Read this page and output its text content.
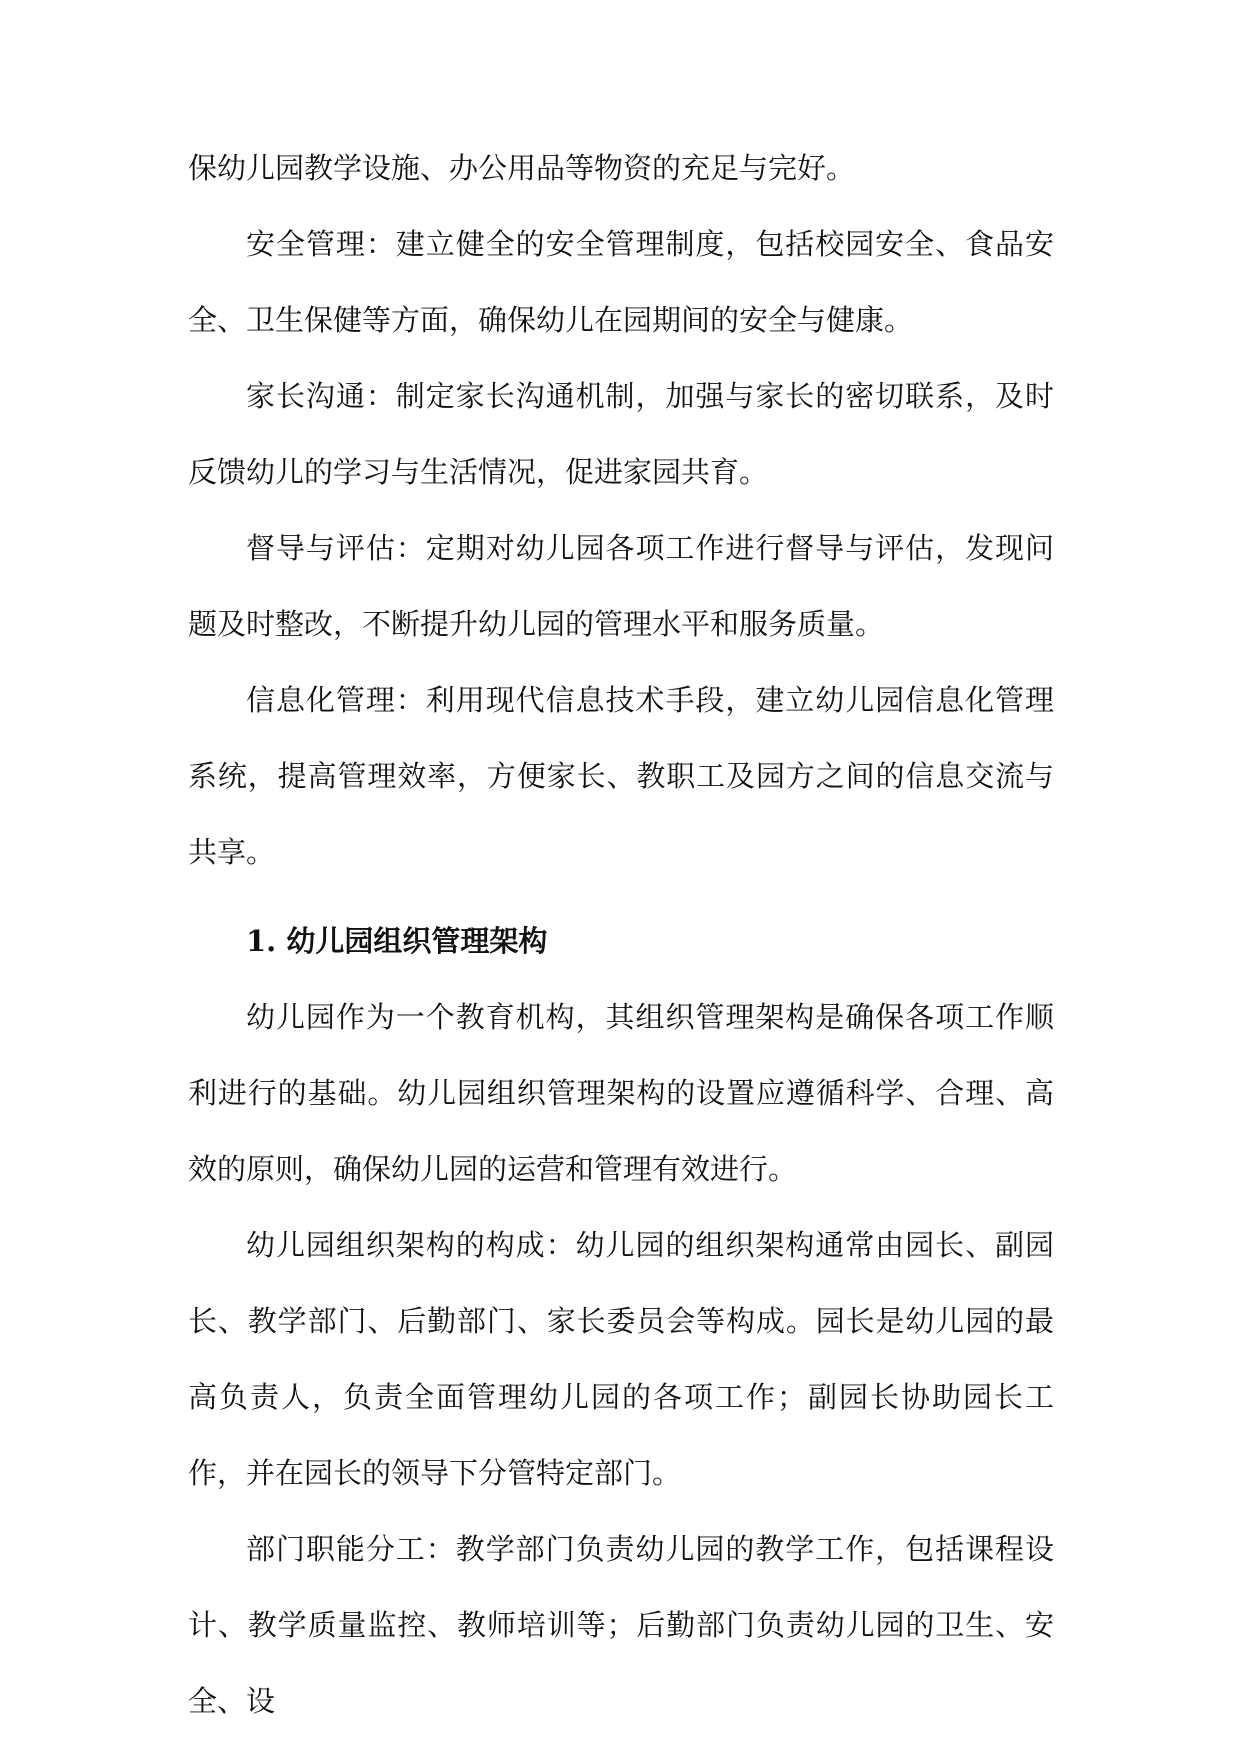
保幼儿园教学设施、办公用品等物资的充足与完好。

安全管理：建立健全的安全管理制度，包括校园安全、食品安全、卫生保健等方面，确保幼儿在园期间的安全与健康。

家长沟通：制定家长沟通机制，加强与家长的密切联系，及时反馈幼儿的学习与生活情况，促进家园共育。

督导与评估：定期对幼儿园各项工作进行督导与评估，发现问题及时整改，不断提升幼儿园的管理水平和服务质量。

信息化管理：利用现代信息技术手段，建立幼儿园信息化管理系统，提高管理效率，方便家长、教职工及园方之间的信息交流与共享。

1. 幼儿园组织管理架构

幼儿园作为一个教育机构，其组织管理架构是确保各项工作顺利进行的基础。幼儿园组织管理架构的设置应遵循科学、合理、高效的原则，确保幼儿园的运营和管理有效进行。

幼儿园组织架构的构成：幼儿园的组织架构通常由园长、副园长、教学部门、后勤部门、家长委员会等构成。园长是幼儿园的最高负责人，负责全面管理幼儿园的各项工作；副园长协助园长工作，并在园长的领导下分管特定部门。

部门职能分工：教学部门负责幼儿园的教学工作，包括课程设计、教学质量监控、教师培训等；后勤部门负责幼儿园的卫生、安全、设
